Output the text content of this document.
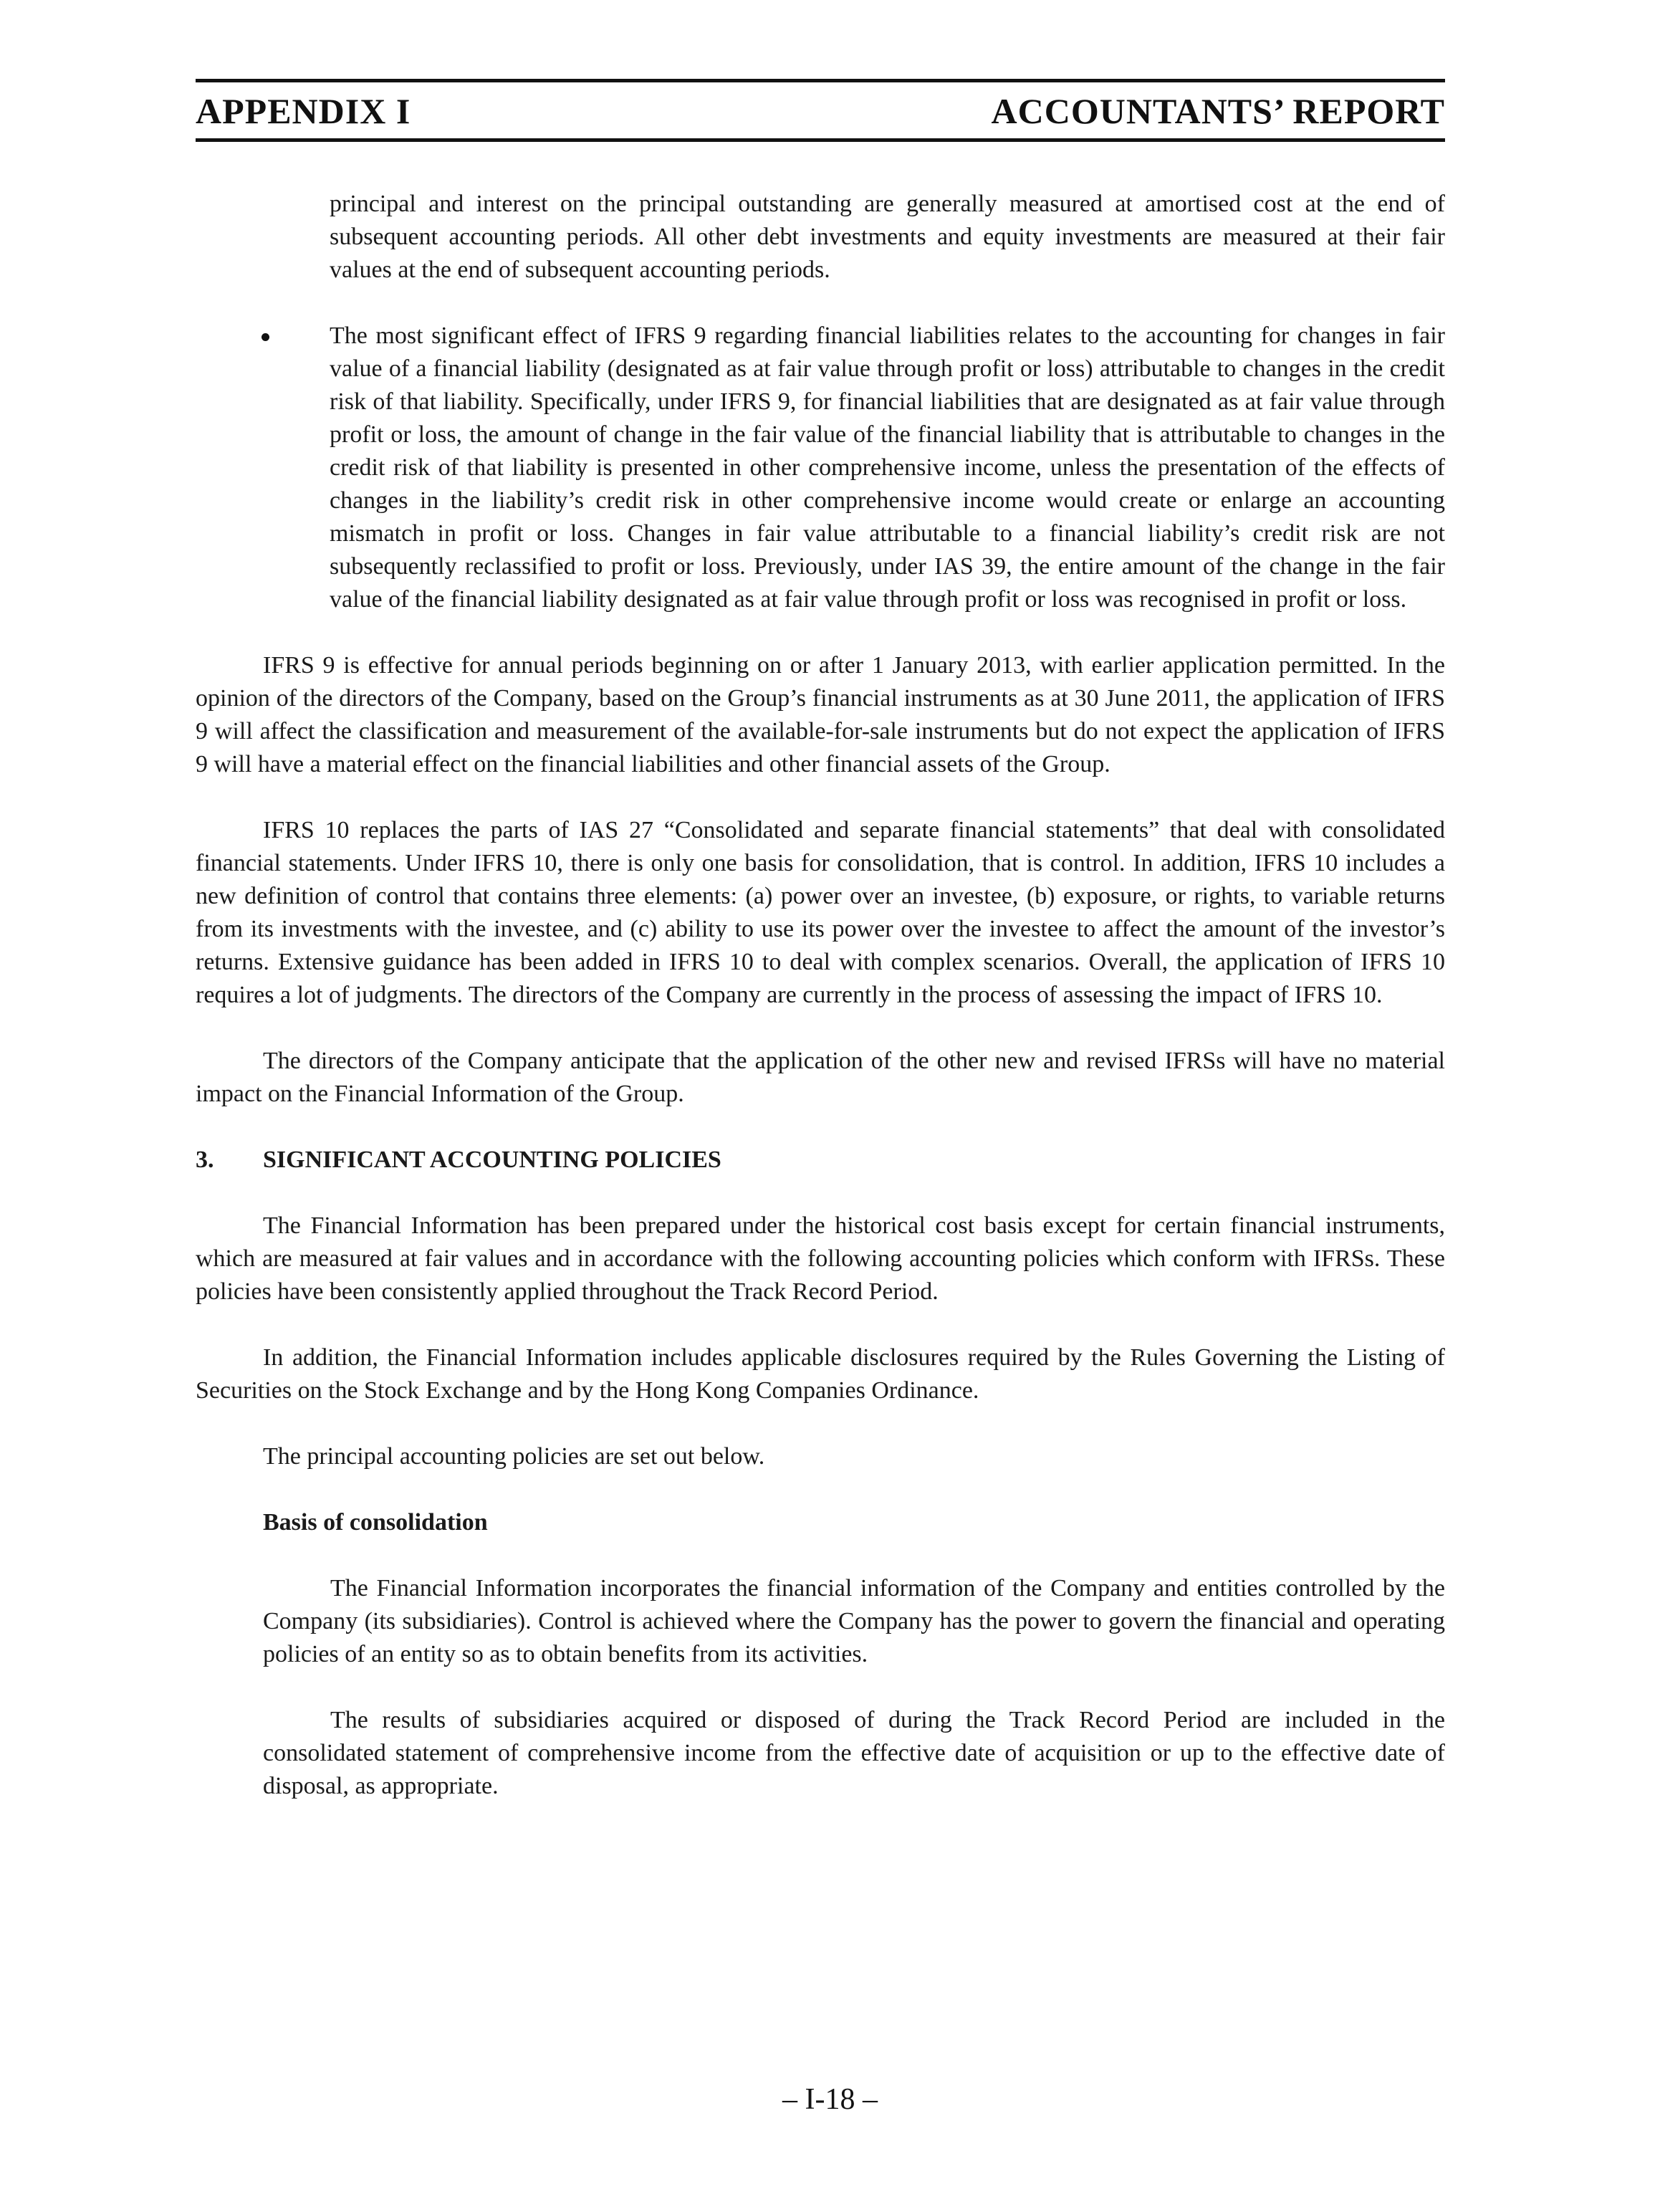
APPENDIX I	ACCOUNTANTS’ REPORT

principal and interest on the principal outstanding are generally measured at amortised cost at the end of subsequent accounting periods. All other debt investments and equity investments are measured at their fair values at the end of subsequent accounting periods.

The most significant effect of IFRS 9 regarding financial liabilities relates to the accounting for changes in fair value of a financial liability (designated as at fair value through profit or loss) attributable to changes in the credit risk of that liability. Specifically, under IFRS 9, for financial liabilities that are designated as at fair value through profit or loss, the amount of change in the fair value of the financial liability that is attributable to changes in the credit risk of that liability is presented in other comprehensive income, unless the presentation of the effects of changes in the liability’s credit risk in other comprehensive income would create or enlarge an accounting mismatch in profit or loss. Changes in fair value attributable to a financial liability’s credit risk are not subsequently reclassified to profit or loss. Previously, under IAS 39, the entire amount of the change in the fair value of the financial liability designated as at fair value through profit or loss was recognised in profit or loss.

IFRS 9 is effective for annual periods beginning on or after 1 January 2013, with earlier application permitted. In the opinion of the directors of the Company, based on the Group’s financial instruments as at 30 June 2011, the application of IFRS 9 will affect the classification and measurement of the available-for-sale instruments but do not expect the application of IFRS 9 will have a material effect on the financial liabilities and other financial assets of the Group.

IFRS 10 replaces the parts of IAS 27 “Consolidated and separate financial statements” that deal with consolidated financial statements. Under IFRS 10, there is only one basis for consolidation, that is control. In addition, IFRS 10 includes a new definition of control that contains three elements: (a) power over an investee, (b) exposure, or rights, to variable returns from its investments with the investee, and (c) ability to use its power over the investee to affect the amount of the investor’s returns. Extensive guidance has been added in IFRS 10 to deal with complex scenarios. Overall, the application of IFRS 10 requires a lot of judgments. The directors of the Company are currently in the process of assessing the impact of IFRS 10.

The directors of the Company anticipate that the application of the other new and revised IFRSs will have no material impact on the Financial Information of the Group.

3. SIGNIFICANT ACCOUNTING POLICIES

The Financial Information has been prepared under the historical cost basis except for certain financial instruments, which are measured at fair values and in accordance with the following accounting policies which conform with IFRSs. These policies have been consistently applied throughout the Track Record Period.

In addition, the Financial Information includes applicable disclosures required by the Rules Governing the Listing of Securities on the Stock Exchange and by the Hong Kong Companies Ordinance.

The principal accounting policies are set out below.

Basis of consolidation

The Financial Information incorporates the financial information of the Company and entities controlled by the Company (its subsidiaries). Control is achieved where the Company has the power to govern the financial and operating policies of an entity so as to obtain benefits from its activities.

The results of subsidiaries acquired or disposed of during the Track Record Period are included in the consolidated statement of comprehensive income from the effective date of acquisition or up to the effective date of disposal, as appropriate.

– I-18 –
